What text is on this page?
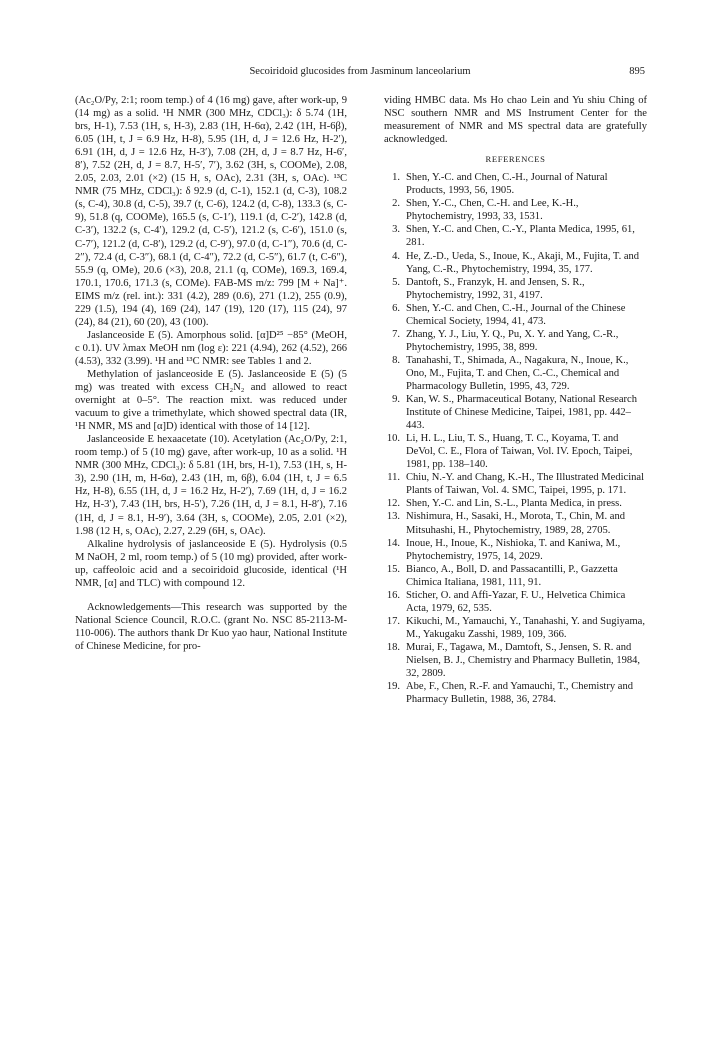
Secoiridoid glucosides from Jasminum lanceolarium	895

(Ac₂O/Py, 2:1; room temp.) of 4 (16 mg) gave, after work-up, 9 (14 mg) as a solid. ¹H NMR (300 MHz, CDCl₃): δ 5.74 (1H, brs, H-1), 7.53 (1H, s, H-3), 2.83 (1H, H-6α), 2.42 (1H, H-6β), 6.05 (1H, t, J = 6.9 Hz, H-8), 5.95 (1H, d, J = 12.6 Hz, H-2′), 6.91 (1H, d, J = 12.6 Hz, H-3′), 7.08 (2H, d, J = 8.7 Hz, H-6′, 8′), 7.52 (2H, d, J = 8.7, H-5′, 7′), 3.62 (3H, s, COOMe), 2.08, 2.05, 2.03, 2.01 (×2) (15 H, s, OAc), 2.31 (3H, s, OAc). ¹³C NMR (75 MHz, CDCl₃): δ 92.9 (d, C-1), 152.1 (d, C-3), 108.2 (s, C-4), 30.8 (d, C-5), 39.7 (t, C-6), 124.2 (d, C-8), 133.3 (s, C-9), 51.8 (q, COOMe), 165.5 (s, C-1′), 119.1 (d, C-2′), 142.8 (d, C-3′), 132.2 (s, C-4′), 129.2 (d, C-5′), 121.2 (s, C-6′), 151.0 (s, C-7′), 121.2 (d, C-8′), 129.2 (d, C-9′), 97.0 (d, C-1″), 70.6 (d, C-2″), 72.4 (d, C-3″), 68.1 (d, C-4″), 72.2 (d, C-5″), 61.7 (t, C-6″), 55.9 (q, OMe), 20.6 (×3), 20.8, 21.1 (q, COMe), 169.3, 169.4, 170.1, 170.6, 171.3 (s, COMe). FAB-MS m/z: 799 [M + Na]⁺. EIMS m/z (rel. int.): 331 (4.2), 289 (0.6), 271 (1.2), 255 (0.9), 229 (1.5), 194 (4), 169 (24), 147 (19), 120 (17), 115 (24), 97 (24), 84 (21), 60 (20), 43 (100).

Jaslanceoside E (5). Amorphous solid. [α]D²⁵ −85° (MeOH, c 0.1). UV λmax MeOH nm (log ε): 221 (4.94), 262 (4.52), 266 (4.53), 332 (3.99). ¹H and ¹³C NMR: see Tables 1 and 2.

Methylation of jaslanceoside E (5). Jaslanceoside E (5) (5 mg) was treated with excess CH₂N₂ and allowed to react overnight at 0–5°. The reaction mixt. was reduced under vacuum to give a trimethylate, which showed spectral data (IR, ¹H NMR, MS and [α]D) identical with those of 14 [12].

Jaslanceoside E hexaacetate (10). Acetylation (Ac₂O/Py, 2:1, room temp.) of 5 (10 mg) gave, after work-up, 10 as a solid. ¹H NMR (300 MHz, CDCl₃): δ 5.81 (1H, brs, H-1), 7.53 (1H, s, H-3), 2.90 (1H, m, H-6α), 2.43 (1H, m, 6β), 6.04 (1H, t, J = 6.5 Hz, H-8), 6.55 (1H, d, J = 16.2 Hz, H-2′), 7.69 (1H, d, J = 16.2 Hz, H-3′), 7.43 (1H, brs, H-5′), 7.26 (1H, d, J = 8.1, H-8′), 7.16 (1H, d, J = 8.1, H-9′), 3.64 (3H, s, COOMe), 2.05, 2.01 (×2), 1.98 (12 H, s, OAc), 2.27, 2.29 (6H, s, OAc).

Alkaline hydrolysis of jaslanceoside E (5). Hydrolysis (0.5 M NaOH, 2 ml, room temp.) of 5 (10 mg) provided, after work-up, caffeoloic acid and a secoiridoid glucoside, identical (¹H NMR, [α] and TLC) with compound 12.

Acknowledgements—This research was supported by the National Science Council, R.O.C. (grant No. NSC 85-2113-M-110-006). The authors thank Dr Kuo yao haur, National Institute of Chinese Medicine, for pro-

viding HMBC data. Ms Ho chao Lein and Yu shiu Ching of NSC southern NMR and MS Instrument Center for the measurement of NMR and MS spectral data are gratefully acknowledged.

REFERENCES
1. Shen, Y.-C. and Chen, C.-H., Journal of Natural Products, 1993, 56, 1905.
2. Shen, Y.-C., Chen, C.-H. and Lee, K.-H., Phytochemistry, 1993, 33, 1531.
3. Shen, Y.-C. and Chen, C.-Y., Planta Medica, 1995, 61, 281.
4. He, Z.-D., Ueda, S., Inoue, K., Akaji, M., Fujita, T. and Yang, C.-R., Phytochemistry, 1994, 35, 177.
5. Dantoft, S., Franzyk, H. and Jensen, S. R., Phytochemistry, 1992, 31, 4197.
6. Shen, Y.-C. and Chen, C.-H., Journal of the Chinese Chemical Society, 1994, 41, 473.
7. Zhang, Y. J., Liu, Y. Q., Pu, X. Y. and Yang, C.-R., Phytochemistry, 1995, 38, 899.
8. Tanahashi, T., Shimada, A., Nagakura, N., Inoue, K., Ono, M., Fujita, T. and Chen, C.-C., Chemical and Pharmacology Bulletin, 1995, 43, 729.
9. Kan, W. S., Pharmaceutical Botany, National Research Institute of Chinese Medicine, Taipei, 1981, pp. 442–443.
10. Li, H. L., Liu, T. S., Huang, T. C., Koyama, T. and DeVol, C. E., Flora of Taiwan, Vol. IV. Epoch, Taipei, 1981, pp. 138–140.
11. Chiu, N.-Y. and Chang, K.-H., The Illustrated Medicinal Plants of Taiwan, Vol. 4. SMC, Taipei, 1995, p. 171.
12. Shen, Y.-C. and Lin, S.-L., Planta Medica, in press.
13. Nishimura, H., Sasaki, H., Morota, T., Chin, M. and Mitsuhashi, H., Phytochemistry, 1989, 28, 2705.
14. Inoue, H., Inoue, K., Nishioka, T. and Kaniwa, M., Phytochemistry, 1975, 14, 2029.
15. Bianco, A., Boll, D. and Passacantilli, P., Gazzetta Chimica Italiana, 1981, 111, 91.
16. Sticher, O. and Affi-Yazar, F. U., Helvetica Chimica Acta, 1979, 62, 535.
17. Kikuchi, M., Yamauchi, Y., Tanahashi, Y. and Sugiyama, M., Yakugaku Zasshi, 1989, 109, 366.
18. Murai, F., Tagawa, M., Damtoft, S., Jensen, S. R. and Nielsen, B. J., Chemistry and Pharmacy Bulletin, 1984, 32, 2809.
19. Abe, F., Chen, R.-F. and Yamauchi, T., Chemistry and Pharmacy Bulletin, 1988, 36, 2784.
